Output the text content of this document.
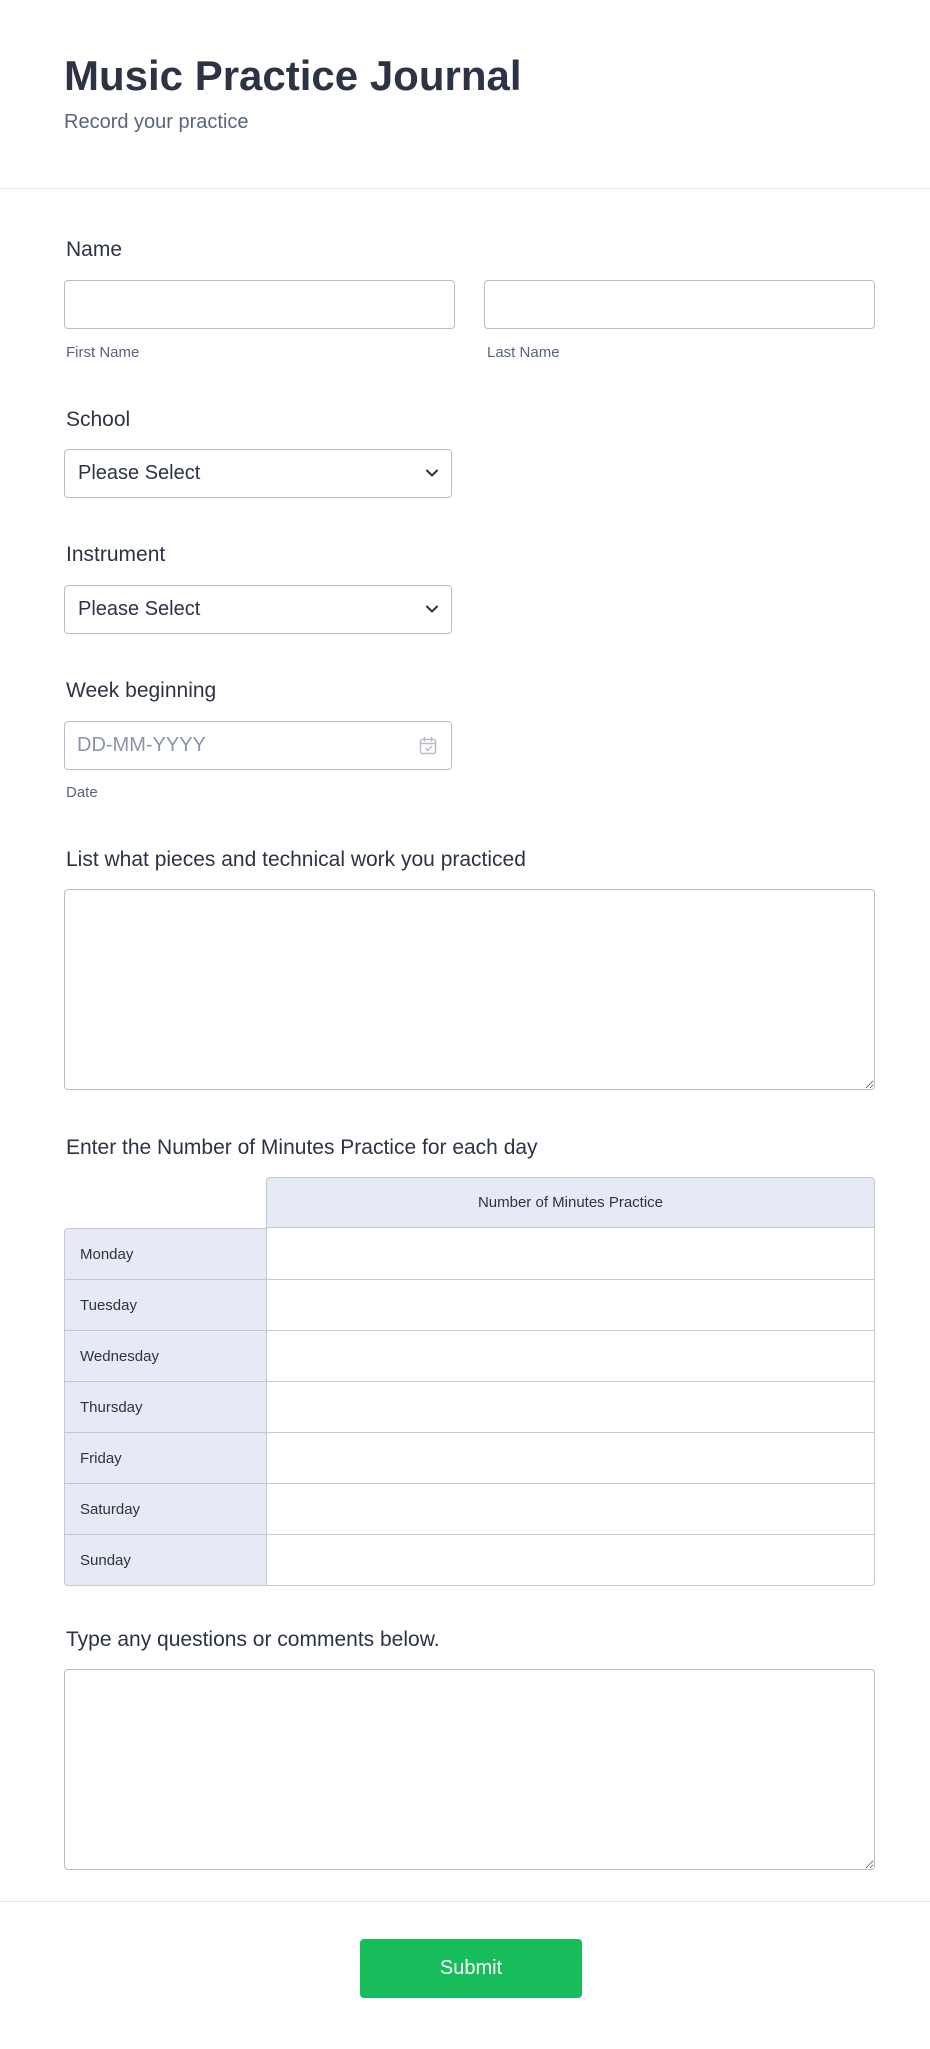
Music Practice Journal
Record your practice
Name
First Name	Last Name
School
Please Select
Instrument
Please Select
Week beginning
DD-MM-YYYY
Date
List what pieces and technical work you practiced
Enter the Number of Minutes Practice for each day
	Number of Minutes Practice
Monday	
Tuesday	
Wednesday	
Thursday	
Friday	
Saturday	
Sunday	
Type any questions or comments below.
Submit
